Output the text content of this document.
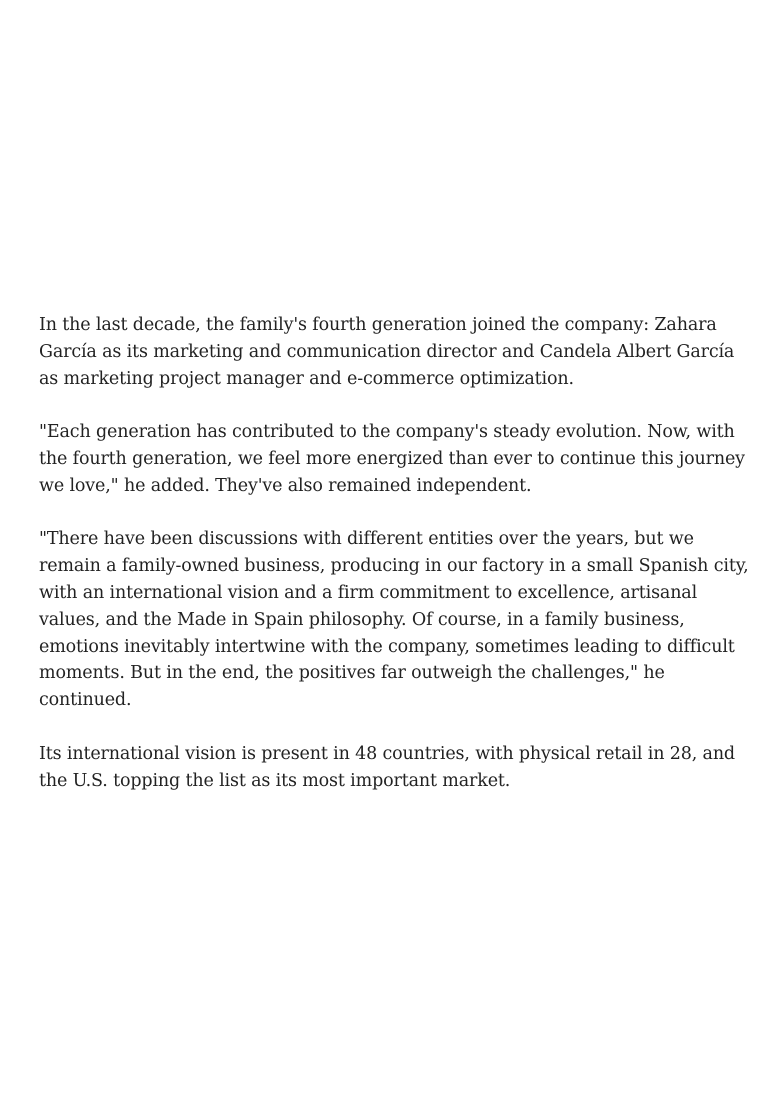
In the last decade, the family's fourth generation joined the company: Zahara García as its marketing and communication director and Candela Albert García as marketing project manager and e-commerce optimization.

"Each generation has contributed to the company's steady evolution. Now, with the fourth generation, we feel more energized than ever to continue this journey we love," he added. They've also remained independent.

"There have been discussions with different entities over the years, but we remain a family-owned business, producing in our factory in a small Spanish city, with an international vision and a firm commitment to excellence, artisanal values, and the Made in Spain philosophy. Of course, in a family business, emotions inevitably intertwine with the company, sometimes leading to difficult moments. But in the end, the positives far outweigh the challenges," he continued.

Its international vision is present in 48 countries, with physical retail in 28, and the U.S. topping the list as its most important market.
